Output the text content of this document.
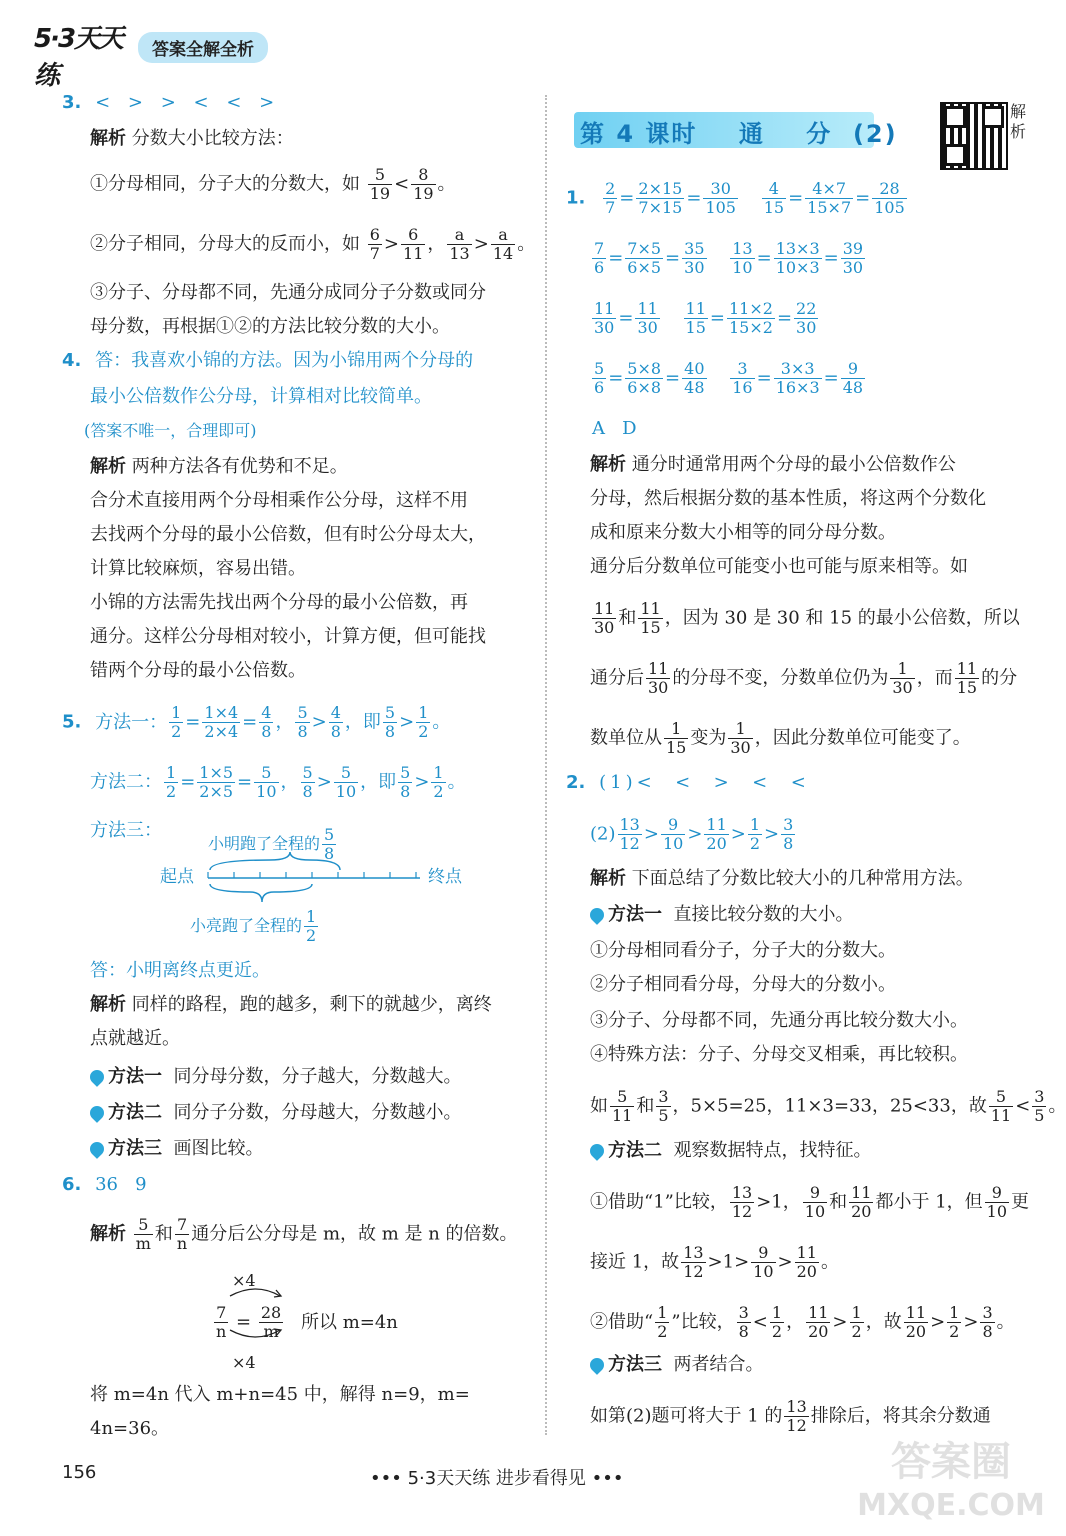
5·3天天练
答案全解全析
3. < > > < < >
解析 分数大小比较方法：
①分母相同，分子大的分数大，如 $\frac{5}{19} < \frac{8}{19}$ 。
②分子相同，分母大的反而小，如 $\frac{6}{7} > \frac{6}{11}$ ， $\frac{a}{13} > \frac{a}{14}$ 。
③分子、分母都不同，先通分成同分子分数或同分
母分数，再根据①②的方法比较分数的大小。
4. 答：我喜欢小锦的方法。因为小锦用两个分母的
最小公倍数作公分母，计算相对比较简单。
(答案不唯一，合理即可)
解析 两种方法各有优势和不足。
合分术直接用两个分母相乘作公分母，这样不用
去找两个分母的最小公倍数，但有时公分母太大，
计算比较麻烦，容易出错。
小锦的方法需先找出两个分母的最小公倍数，再
通分。这样公分母相对较小，计算方便，但可能找
错两个分母的最小公倍数。
5. 方法一： $\frac{1}{2} = \frac{1\times 4}{2\times 4} = \frac{4}{8}$ ， $\frac{5}{8} > \frac{4}{8}$ ，即 $\frac{5}{8} > \frac{1}{2}$ 。
方法二： $\frac{1}{2} = \frac{1\times 5}{2\times 5} = \frac{5}{10}$ ， $\frac{5}{8} > \frac{5}{10}$ ，即 $\frac{5}{8} > \frac{1}{2}$ 。
方法三：
小明跑了全程的 $\frac{5}{8}$
起点	终点
小亮跑了全程的 $\frac{1}{2}$
答：小明离终点更近。
解析 同样的路程，跑的越多，剩下的就越少，离终
点就越近。
方法一 同分母分数，分子越大，分数越大。
方法二 同分子分数，分母越大，分数越小。
方法三 画图比较。
6. 36   9
解析 $\frac{5}{m}$ 和 $\frac{7}{n}$ 通分后公分母是 m，故 m 是 n 的倍数。
×4
$\frac{7}{n} = \frac{28}{m}$ 所以 m=4n
×4
将 m=4n 代入 m+n=45 中，解得 n=9，m=
4n=36。
第 4 课时    通    分  (2)
解析
1. $\frac{2}{7} = \frac{2\times 15}{7\times 15} = \frac{30}{105}$
$\frac{4}{15} = \frac{4\times 7}{15\times 7} = \frac{28}{105}$
$\frac{7}{6} = \frac{7\times 5}{6\times 5} = \frac{35}{30}$
$\frac{13}{10} = \frac{13\times 3}{10\times 3} = \frac{39}{30}$
$\frac{11}{30} = \frac{11}{30}$
$\frac{11}{15} = \frac{11\times 2}{15\times 2} = \frac{22}{30}$
$\frac{5}{6} = \frac{5\times 8}{6\times 8} = \frac{40}{48}$
$\frac{3}{16} = \frac{3\times 3}{16\times 3} = \frac{9}{48}$
A   D
解析 通分时通常用两个分母的最小公倍数作公
分母，然后根据分数的基本性质，将这两个分数化
成和原来分数大小相等的同分母分数。
通分后分数单位可能变小也可能与原来相等。如
$\frac{11}{30}$ 和 $\frac{11}{15}$ ，因为 30 是 30 和 15 的最小公倍数，所以
通分后 $\frac{11}{30}$ 的分母不变，分数单位仍为 $\frac{1}{30}$ ，而 $\frac{11}{15}$ 的分
数单位从 $\frac{1}{15}$ 变为 $\frac{1}{30}$ ，因此分数单位可能变了。
2. (1)<  <  >  <  <
$(2) \frac{13}{12} > \frac{9}{10} > \frac{11}{20} > \frac{1}{2} > \frac{3}{8}$
解析 下面总结了分数比较大小的几种常用方法。
方法一 直接比较分数的大小。
①分母相同看分子，分子大的分数大。
②分子相同看分母，分母大的分数小。
③分子、分母都不同，先通分再比较分数大小。
④特殊方法：分子、分母交叉相乘，再比较积。
如 $\frac{5}{11}$ 和 $\frac{3}{5}$ ，5×5=25，11×3=33，25<33，故 $\frac{5}{11} < \frac{3}{5}$ 。
方法二 观察数据特点，找特征。
①借助“1”比较， $\frac{13}{12} >1$， $\frac{9}{10}$ 和 $\frac{11}{20}$ 都小于 1，但 $\frac{9}{10}$ 更
接近 1，故 $\frac{13}{12} >1> \frac{9}{10} > \frac{11}{20}$ 。
②借助“ $\frac{1}{2}$ ”比较， $\frac{3}{8} < \frac{1}{2}$ ， $\frac{11}{20} > \frac{1}{2}$ ，故 $\frac{11}{20} > \frac{1}{2} > \frac{3}{8}$ 。
方法三 两者结合。
如第(2)题可将大于 1 的 $\frac{13}{12}$ 排除后，将其余分数通
156	••• 5·3天天练 进步看得见 •••	答案圈
MXQE.COM
